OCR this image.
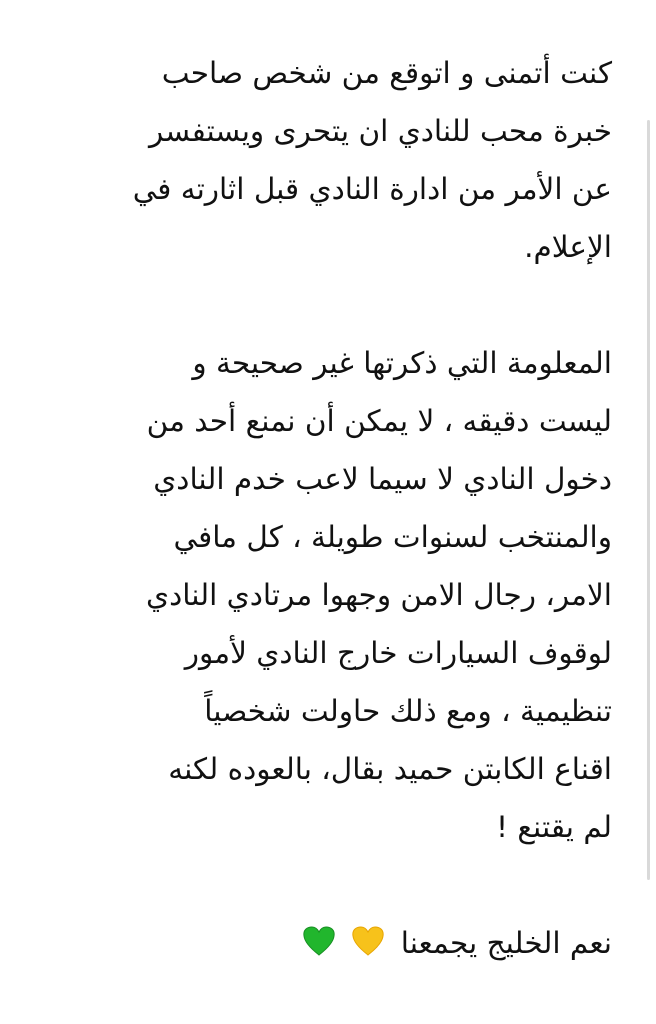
كنت أتمنى و اتوقع من شخص صاحب
خبرة محب للنادي ان يتحرى ويستفسر
عن الأمر من ادارة النادي قبل اثارته في
الإعلام.

المعلومة التي ذكرتها غير صحيحة و
ليست دقيقه ، لا يمكن أن نمنع أحد من
دخول النادي لا سيما لاعب خدم النادي
والمنتخب لسنوات طويلة ، كل مافي
الامر، رجال الامن وجهوا مرتادي النادي
لوقوف السيارات خارج النادي لأمور
تنظيمية ، ومع ذلك حاولت شخصياً
اقناع الكابتن حميد بقال، بالعوده لكنه
لم يقتنع !

نعم الخليج يجمعنا
